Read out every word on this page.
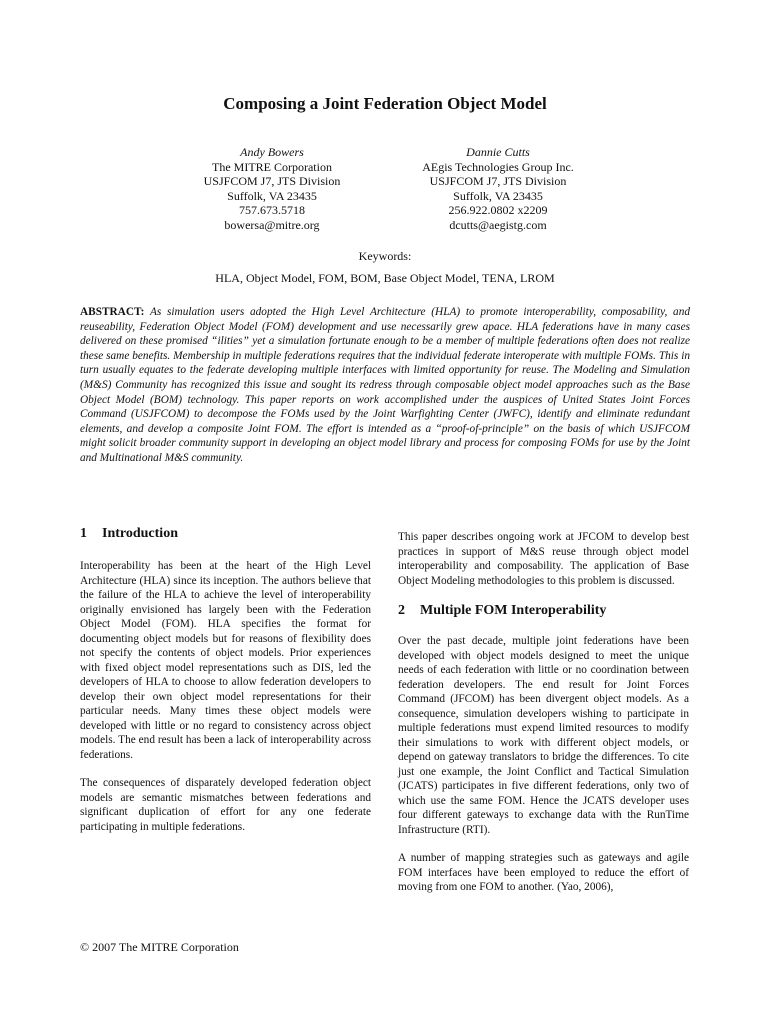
Composing a Joint Federation Object Model
Andy Bowers
The MITRE Corporation
USJFCOM J7, JTS Division
Suffolk, VA 23435
757.673.5718
bowersa@mitre.org
Dannie Cutts
AEgis Technologies Group Inc.
USJFCOM J7, JTS Division
Suffolk, VA 23435
256.922.0802 x2209
dcutts@aegistg.com
Keywords:
HLA, Object Model, FOM, BOM, Base Object Model, TENA, LROM
ABSTRACT: As simulation users adopted the High Level Architecture (HLA) to promote interoperability, composability, and reuseability, Federation Object Model (FOM) development and use necessarily grew apace. HLA federations have in many cases delivered on these promised “ilities” yet a simulation fortunate enough to be a member of multiple federations often does not realize these same benefits. Membership in multiple federations requires that the individual federate interoperate with multiple FOMs. This in turn usually equates to the federate developing multiple interfaces with limited opportunity for reuse. The Modeling and Simulation (M&S) Community has recognized this issue and sought its redress through composable object model approaches such as the Base Object Model (BOM) technology. This paper reports on work accomplished under the auspices of United States Joint Forces Command (USJFCOM) to decompose the FOMs used by the Joint Warfighting Center (JWFC), identify and eliminate redundant elements, and develop a composite Joint FOM. The effort is intended as a “proof-of-principle” on the basis of which USJFCOM might solicit broader community support in developing an object model library and process for composing FOMs for use by the Joint and Multinational M&S community.
1 Introduction

Interoperability has been at the heart of the High Level Architecture (HLA) since its inception. The authors believe that the failure of the HLA to achieve the level of interoperability originally envisioned has largely been with the Federation Object Model (FOM). HLA specifies the format for documenting object models but for reasons of flexibility does not specify the contents of object models. Prior experiences with fixed object model representations such as DIS, led the developers of HLA to choose to allow federation developers to develop their own object model representations for their particular needs. Many times these object models were developed with little or no regard to consistency across object models. The end result has been a lack of interoperability across federations.

The consequences of disparately developed federation object models are semantic mismatches between federations and significant duplication of effort for any one federate participating in multiple federations.

This paper describes ongoing work at JFCOM to develop best practices in support of M&S reuse through object model interoperability and composability. The application of Base Object Modeling methodologies to this problem is discussed.

2 Multiple FOM Interoperability

Over the past decade, multiple joint federations have been developed with object models designed to meet the unique needs of each federation with little or no coordination between federation developers. The end result for Joint Forces Command (JFCOM) has been divergent object models. As a consequence, simulation developers wishing to participate in multiple federations must expend limited resources to modify their simulations to work with different object models, or depend on gateway translators to bridge the differences. To cite just one example, the Joint Conflict and Tactical Simulation (JCATS) participates in five different federations, only two of which use the same FOM. Hence the JCATS developer uses four different gateways to exchange data with the RunTime Infrastructure (RTI).

A number of mapping strategies such as gateways and agile FOM interfaces have been employed to reduce the effort of moving from one FOM to another. (Yao, 2006),

© 2007 The MITRE Corporation
